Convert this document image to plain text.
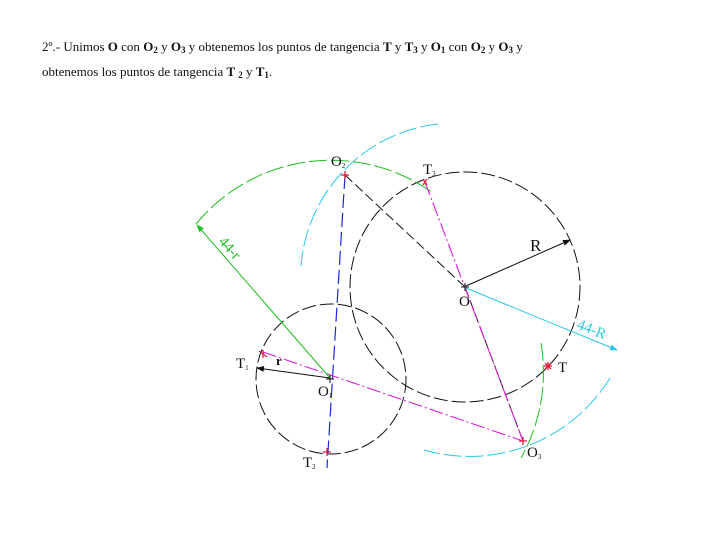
2º.- Unimos O con $O_2$ y $O_3$ y obtenemos los puntos de tangencia T y $T_3$ y $O_1$ con $O_2$ y $O_3$ y
obtenemos los puntos de tangencia T $_2$ y $T_1$.
O2	T3
R
O
44-r
44-R
T1 r
O1
T
T2
O3
